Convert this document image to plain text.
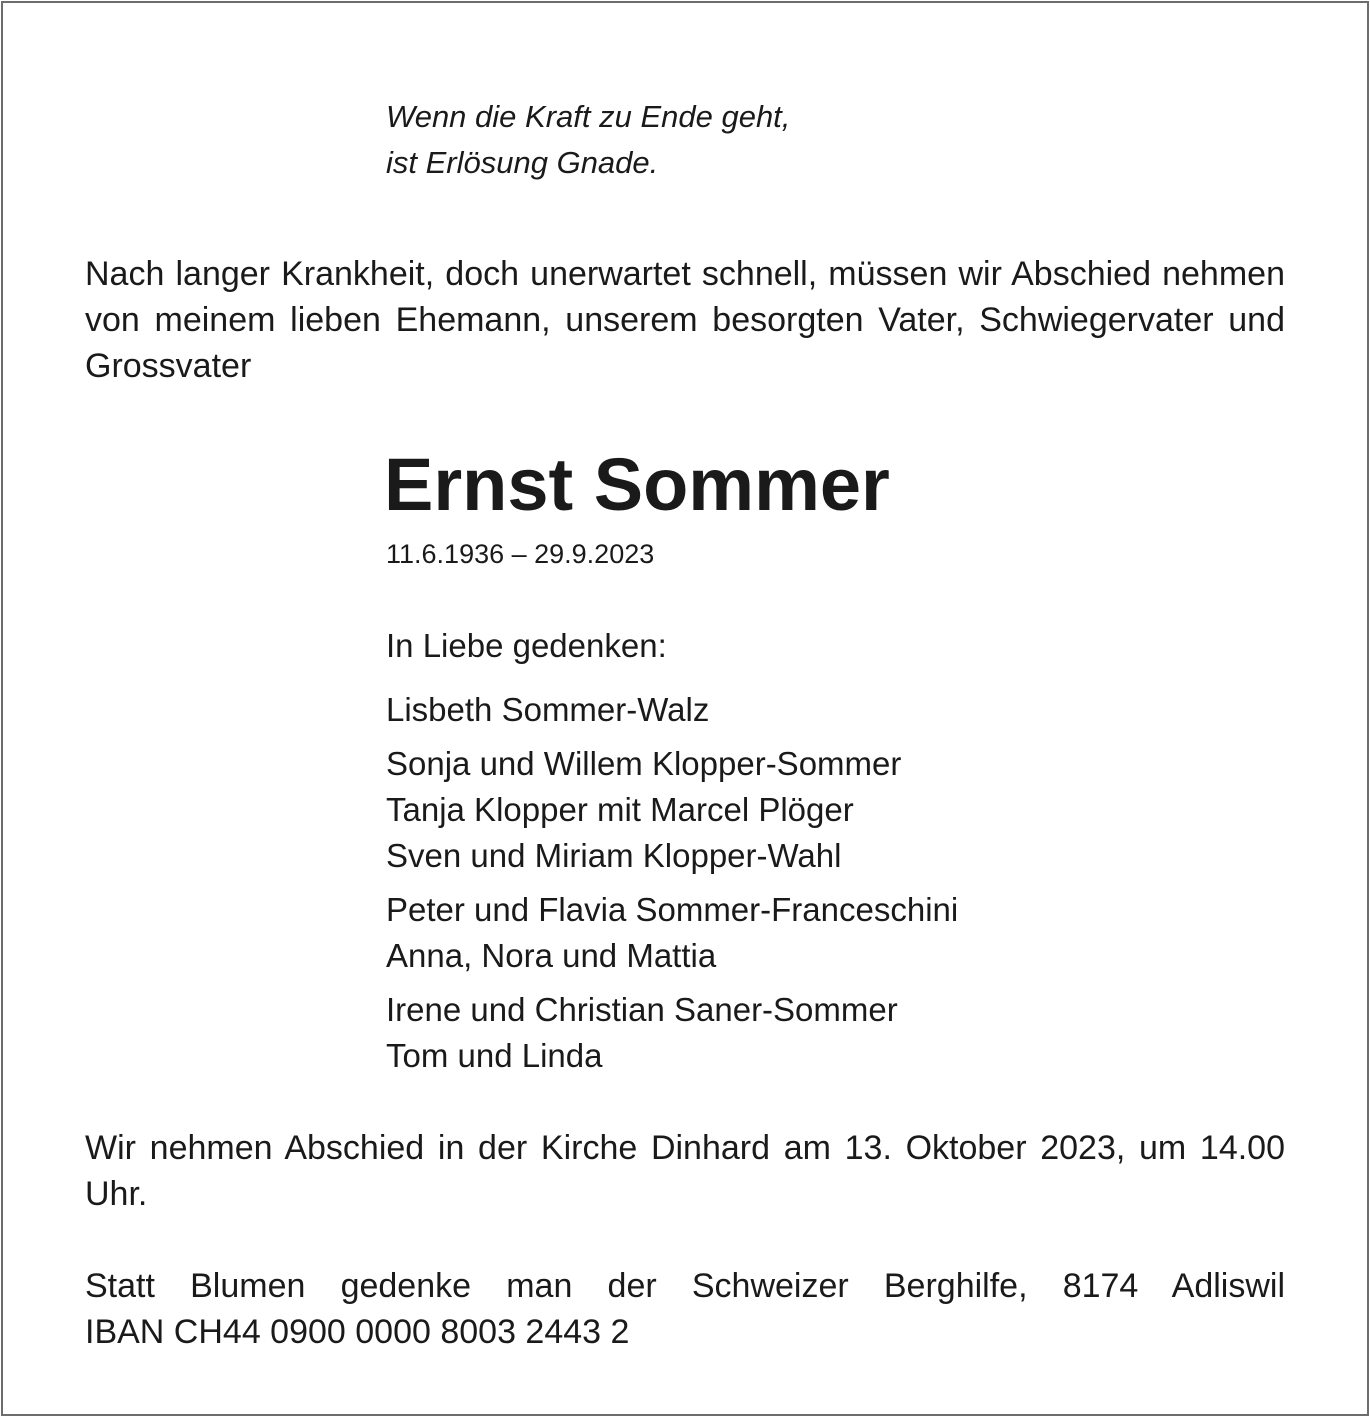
Wenn die Kraft zu Ende geht,
ist Erlösung Gnade.
Nach langer Krankheit, doch unerwartet schnell, müssen wir Abschied nehmen von meinem lieben Ehemann, unserem besorgten Vater, Schwiegervater und Grossvater
Ernst Sommer
11.6.1936 – 29.9.2023
In Liebe gedenken:
Lisbeth Sommer-Walz
Sonja und Willem Klopper-Sommer
Tanja Klopper mit Marcel Plöger
Sven und Miriam Klopper-Wahl
Peter und Flavia Sommer-Franceschini
Anna, Nora und Mattia
Irene und Christian Saner-Sommer
Tom und Linda
Wir nehmen Abschied in der Kirche Dinhard am 13. Oktober 2023, um 14.00 Uhr.
Statt Blumen gedenke man der Schweizer Berghilfe, 8174 Adliswil
IBAN CH44 0900 0000 8003 2443 2
